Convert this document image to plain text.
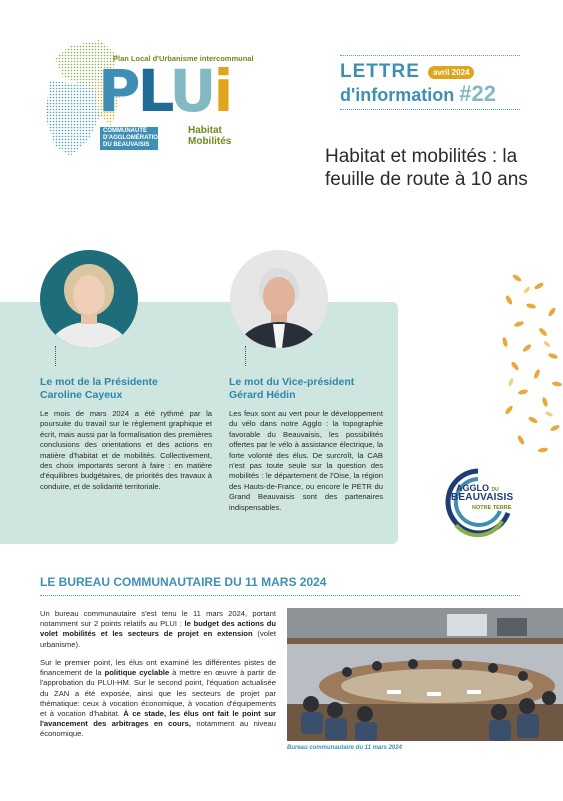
Plan Local d'Urbanisme intercommunal
PLUi
COMMUNAUTÉ
D'AGGLOMÉRATION
DU BEAUVAISIS
Habitat
Mobilités
LETTRE	avril 2024
d'information #22
Habitat et mobilités : la feuille de route à 10 ans
Le mot de la Présidente
Caroline Cayeux
Le mois de mars 2024 a été rythmé par la poursuite du travail sur le règlement graphique et écrit, mais aussi par la formalisation des premières conclusions des orientations et des actions en matière d'habitat et de mobilités. Collectivement, des choix importants seront à faire : en matière d'équilibres budgétaires, de priorités des travaux à conduire, et de solidarité territoriale.
Le mot du Vice-président
Gérard Hédin
Les feux sont au vert pour le développement du vélo dans notre Agglo : la topographie favorable du Beauvaisis, les possibilités offertes par le vélo à assistance électrique, la forte volonté des élus. De surcroît, la CAB n'est pas toute seule sur la question des mobilités : le département de l'Oise, la région des Hauts-de-France, ou encore le PETR du Grand Beauvaisis sont des partenaires indispensables.
AGGLO DU
BEAUVAISIS
NOTRE TERRE
LE BUREAU COMMUNAUTAIRE DU 11 MARS 2024

Un bureau communautaire s'est tenu le 11 mars 2024, portant notamment sur 2 points relatifs au PLUI : le budget des actions du volet mobilités et les secteurs de projet en extension (volet urbanisme).

Sur le premier point, les élus ont examiné les différentes pistes de financement de la politique cyclable à mettre en œuvre à partir de l'approbation du PLUI-HM. Sur le second point, l'équation actualisée du ZAN a été exposée, ainsi que les secteurs de projet par thématique: ceux à vocation économique, à vocation d'équipements et à vocation d'habitat. À ce stade, les élus ont fait le point sur l'avancement des arbitrages en cours, notamment au niveau économique.

Bureau communautaire du 11 mars 2024
